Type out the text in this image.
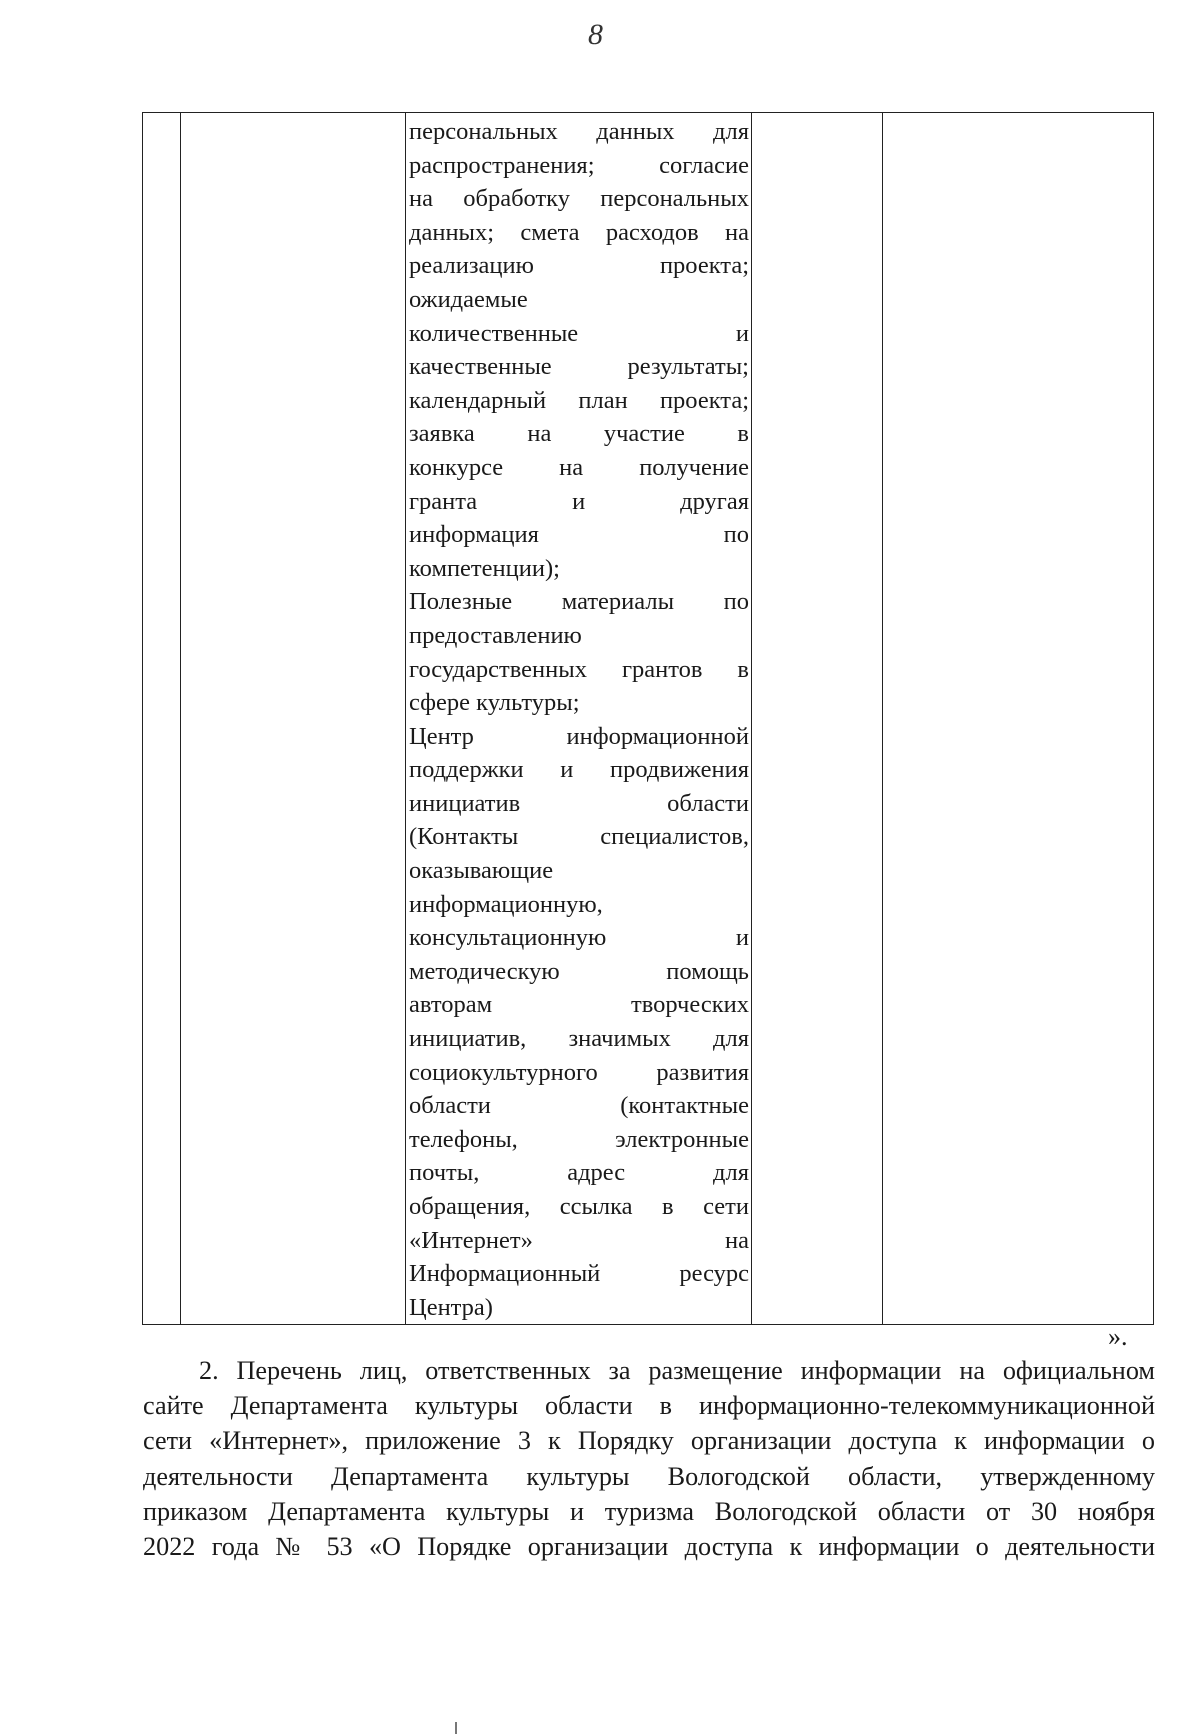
8

персональных данных для
распространения; согласие
на обработку персональных
данных; смета расходов на
реализацию проекта;
ожидаемые
количественные и
качественные результаты;
календарный план проекта;
заявка на участие в
конкурсе на получение
гранта и другая
информация по
компетенции);
Полезные материалы по
предоставлению
государственных грантов в
сфере культуры;
Центр информационной
поддержки и продвижения
инициатив области
(Контакты специалистов,
оказывающие
информационную,
консультационную и
методическую помощь
авторам творческих
инициатив, значимых для
социокультурного развития
области (контактные
телефоны, электронные
почты, адрес для
обращения, ссылка в сети
«Интернет» на
Информационный ресурс
Центра)

».
2. Перечень лиц, ответственных за размещение информации на официальном
сайте Департамента культуры области в информационно-телекоммуникационной
сети «Интернет», приложение 3 к Порядку организации доступа к информации о
деятельности Департамента культуры Вологодской области, утвержденному
приказом Департамента культуры и туризма Вологодской области от 30 ноября
2022 года № 53 «О Порядке организации доступа к информации о деятельности
